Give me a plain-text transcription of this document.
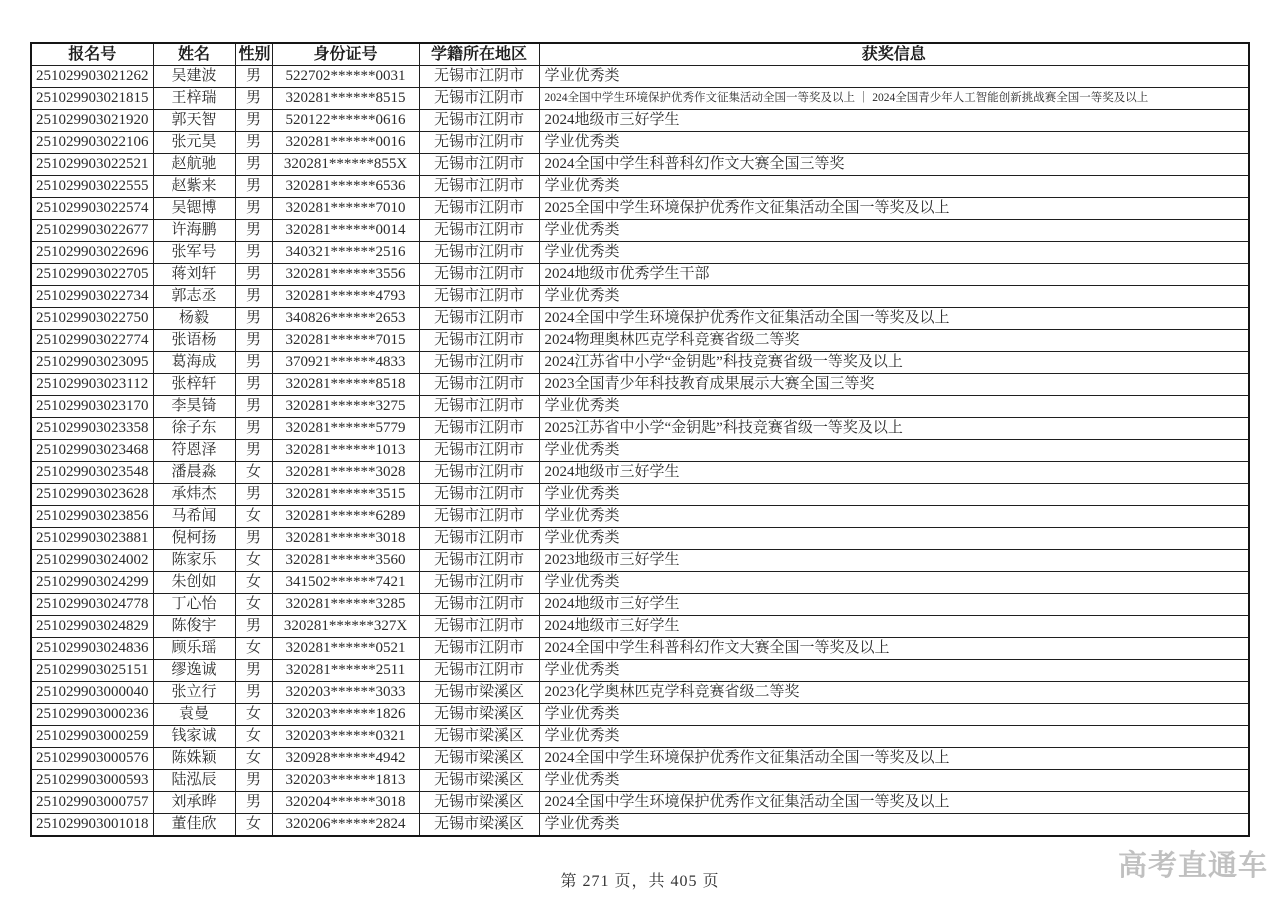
报名号	姓名	性别	身份证号	学籍所在地区	获奖信息
251029903021262	吴建波	男	522702******0031	无锡市江阴市	学业优秀类
251029903021815	王梓瑞	男	320281******8515	无锡市江阴市	2024全国中学生环境保护优秀作文征集活动全国一等奖及以上 ｜ 2024全国青少年人工智能创新挑战赛全国一等奖及以上
251029903021920	郭天智	男	520122******0616	无锡市江阴市	2024地级市三好学生
251029903022106	张元昊	男	320281******0016	无锡市江阴市	学业优秀类
251029903022521	赵航驰	男	320281******855X	无锡市江阴市	2024全国中学生科普科幻作文大赛全国三等奖
251029903022555	赵紫来	男	320281******6536	无锡市江阴市	学业优秀类
251029903022574	吴锶博	男	320281******7010	无锡市江阴市	2025全国中学生环境保护优秀作文征集活动全国一等奖及以上
251029903022677	许海鹏	男	320281******0014	无锡市江阴市	学业优秀类
251029903022696	张军号	男	340321******2516	无锡市江阴市	学业优秀类
251029903022705	蒋刘轩	男	320281******3556	无锡市江阴市	2024地级市优秀学生干部
251029903022734	郭志丞	男	320281******4793	无锡市江阴市	学业优秀类
251029903022750	杨毅	男	340826******2653	无锡市江阴市	2024全国中学生环境保护优秀作文征集活动全国一等奖及以上
251029903022774	张语杨	男	320281******7015	无锡市江阴市	2024物理奥林匹克学科竞赛省级二等奖
251029903023095	葛海成	男	370921******4833	无锡市江阴市	2024江苏省中小学“金钥匙”科技竞赛省级一等奖及以上
251029903023112	张梓轩	男	320281******8518	无锡市江阴市	2023全国青少年科技教育成果展示大赛全国三等奖
251029903023170	李昊锜	男	320281******3275	无锡市江阴市	学业优秀类
251029903023358	徐子东	男	320281******5779	无锡市江阴市	2025江苏省中小学“金钥匙”科技竞赛省级一等奖及以上
251029903023468	符恩泽	男	320281******1013	无锡市江阴市	学业优秀类
251029903023548	潘晨淼	女	320281******3028	无锡市江阴市	2024地级市三好学生
251029903023628	承炜杰	男	320281******3515	无锡市江阴市	学业优秀类
251029903023856	马希闻	女	320281******6289	无锡市江阴市	学业优秀类
251029903023881	倪柯扬	男	320281******3018	无锡市江阴市	学业优秀类
251029903024002	陈家乐	女	320281******3560	无锡市江阴市	2023地级市三好学生
251029903024299	朱创如	女	341502******7421	无锡市江阴市	学业优秀类
251029903024778	丁心怡	女	320281******3285	无锡市江阴市	2024地级市三好学生
251029903024829	陈俊宇	男	320281******327X	无锡市江阴市	2024地级市三好学生
251029903024836	顾乐瑶	女	320281******0521	无锡市江阴市	2024全国中学生科普科幻作文大赛全国一等奖及以上
251029903025151	缪逸诚	男	320281******2511	无锡市江阴市	学业优秀类
251029903000040	张立行	男	320203******3033	无锡市梁溪区	2023化学奥林匹克学科竞赛省级二等奖
251029903000236	袁曼	女	320203******1826	无锡市梁溪区	学业优秀类
251029903000259	钱家诚	女	320203******0321	无锡市梁溪区	学业优秀类
251029903000576	陈姝颖	女	320928******4942	无锡市梁溪区	2024全国中学生环境保护优秀作文征集活动全国一等奖及以上
251029903000593	陆泓辰	男	320203******1813	无锡市梁溪区	学业优秀类
251029903000757	刘承晔	男	320204******3018	无锡市梁溪区	2024全国中学生环境保护优秀作文征集活动全国一等奖及以上
251029903001018	董佳欣	女	320206******2824	无锡市梁溪区	学业优秀类
第 271 页，共 405 页	高考直通车
